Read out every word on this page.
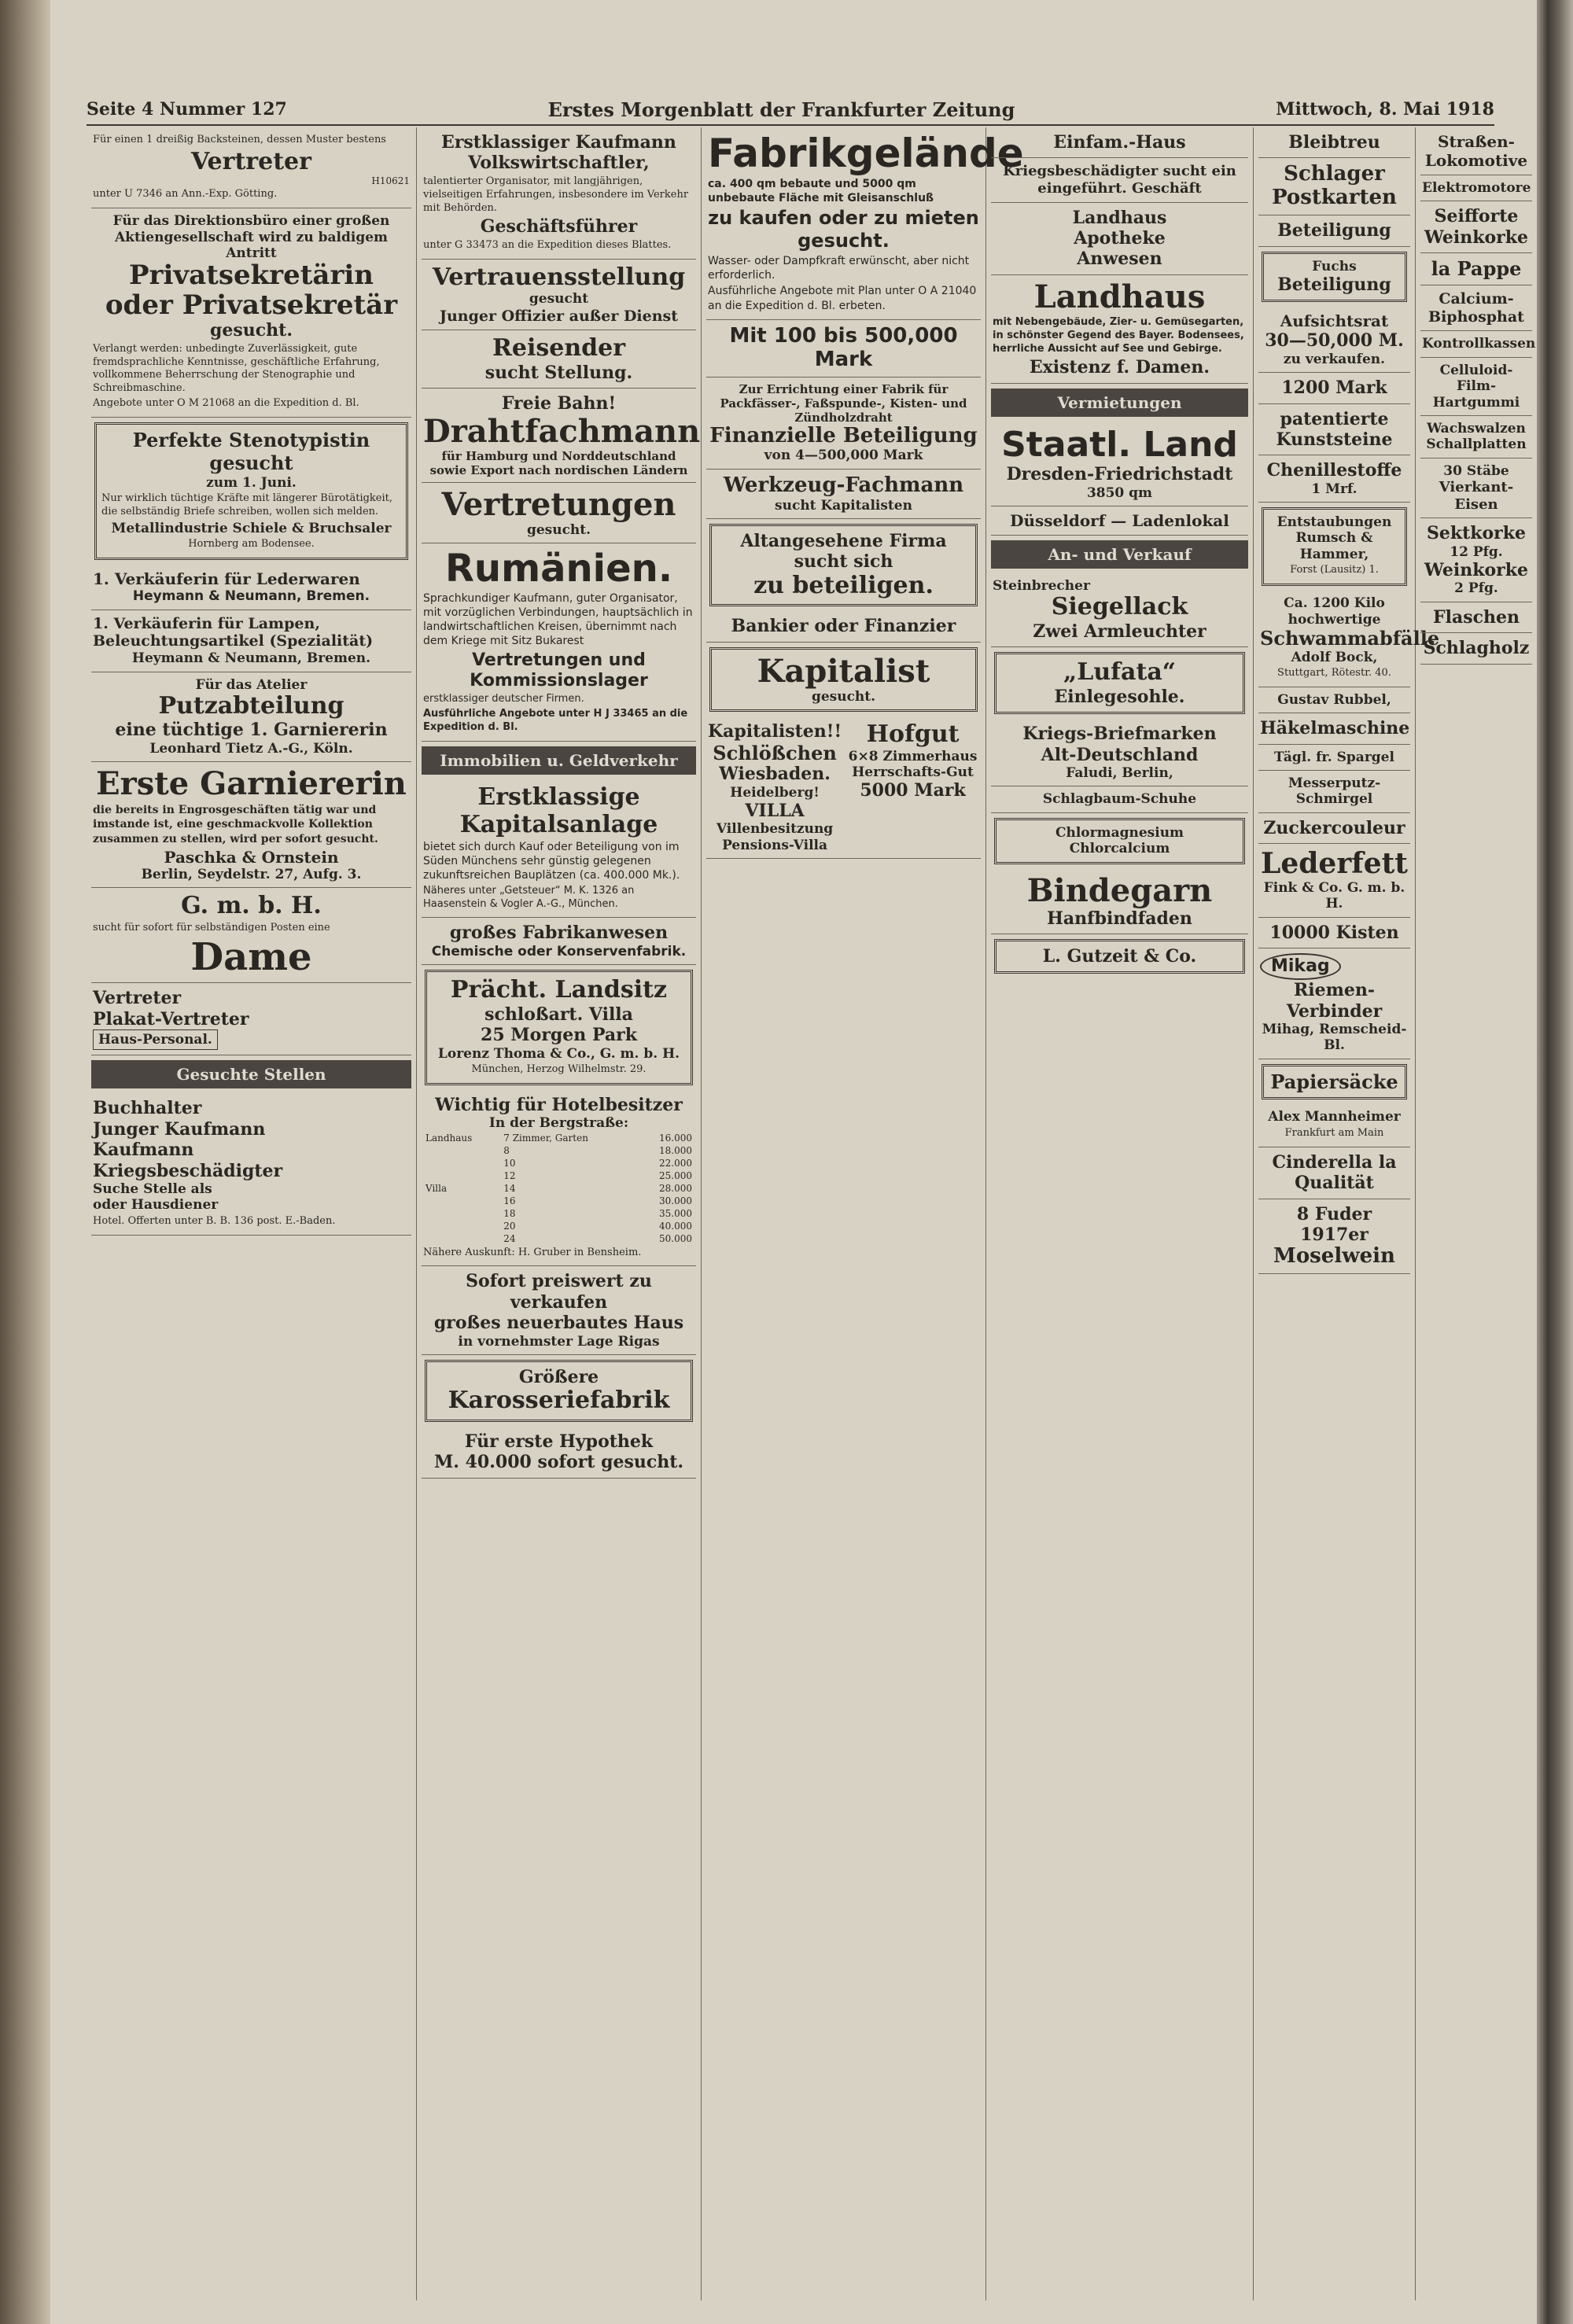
Seite 4 Nummer 127	Erstes Morgenblatt der Frankfurter Zeitung	Mittwoch, 8. Mai 1918
Für einen 1 dreißig Backsteinen, dessen Muster bestens
Vertreter
H10621
unter U 7346 an Ann.-Exp. Götting.
Für das Direktionsbüro einer großen Aktiengesellschaft wird zu baldigem Antritt
Privatsekretärin oder Privatsekretär
gesucht.
Verlangt werden: unbedingte Zuverlässigkeit, gute fremdsprachliche Kenntnisse, geschäftliche Erfahrung, vollkommene Beherrschung der Stenographie und Schreibmaschine.
Angebote unter O M 21068 an die Expedition d. Bl.
Perfekte Stenotypistin gesucht
zum 1. Juni.
Nur wirklich tüchtige Kräfte mit längerer Bürotätigkeit, die selbständig Briefe schreiben, wollen sich melden.
Metallindustrie Schiele & Bruchsaler
Hornberg am Bodensee.
1. Verkäuferin für Lederwaren
Heymann & Neumann, Bremen.
1. Verkäuferin für Lampen, Beleuchtungsartikel (Spezialität)
Heymann & Neumann, Bremen.
Für das Atelier
Putzabteilung
eine tüchtige 1. Garniererin
Leonhard Tietz A.-G., Köln.
Erste Garniererin
die bereits in Engrosgeschäften tätig war und imstande ist, eine geschmackvolle Kollektion zusammen zu stellen, wird per sofort gesucht.
Paschka & Ornstein
Berlin, Seydelstr. 27, Aufg. 3.
G. m. b. H.
sucht für sofort für selbständigen Posten eine
Dame
Vertreter
Plakat-Vertreter
Haus-Personal.
Gesuchte Stellen
Buchhalter
Junger Kaufmann
Kaufmann
Kriegsbeschädigter
Suche Stelle als
oder Hausdiener
Hotel. Offerten unter B. B. 136 post. E.-Baden.
Erstklassiger Kaufmann
Volkswirtschaftler,
talentierter Organisator, mit langjährigen, vielseitigen Erfahrungen, insbesondere im Verkehr mit Behörden.
Geschäftsführer
unter G 33473 an die Expedition dieses Blattes.
Vertrauensstellung
gesucht
Junger Offizier außer Dienst
Reisender
sucht Stellung.
Freie Bahn!
Drahtfachmann
für Hamburg und Norddeutschland sowie Export nach nordischen Ländern
Vertretungen
gesucht.
Rumänien.
Sprachkundiger Kaufmann, guter Organisator, mit vorzüglichen Verbindungen, hauptsächlich in landwirtschaftlichen Kreisen, übernimmt nach dem Kriege mit Sitz Bukarest
Vertretungen und Kommissionslager
erstklassiger deutscher Firmen.
Ausführliche Angebote unter H J 33465 an die Expedition d. Bl.
Immobilien u. Geldverkehr
Erstklassige
Kapitalsanlage
bietet sich durch Kauf oder Beteiligung von im Süden Münchens sehr günstig gelegenen zukunftsreichen Bauplätzen (ca. 400.000 Mk.).
Näheres unter „Getsteuer“ M. K. 1326 an Haasenstein & Vogler A.-G., München.
großes Fabrikanwesen
Chemische oder Konservenfabrik.
Prächt. Landsitz
schloßart. Villa
25 Morgen Park
Lorenz Thoma & Co., G. m. b. H.
München, Herzog Wilhelmstr. 29.
Wichtig für Hotelbesitzer
In der Bergstraße:
Landhaus	7 Zimmer, Garten	16.000
	8	18.000
	10	22.000
	12	25.000
Villa	14	28.000
	16	30.000
	18	35.000
	20	40.000
	24	50.000
Nähere Auskunft: H. Gruber in Bensheim.
Sofort preiswert zu verkaufen
großes neuerbautes Haus
in vornehmster Lage Rigas
Größere
Karosseriefabrik
Für erste Hypothek
M. 40.000 sofort gesucht.
Fabrikgelände
ca. 400 qm bebaute und 5000 qm unbebaute Fläche mit Gleisanschluß
zu kaufen oder zu mieten gesucht.
Wasser- oder Dampfkraft erwünscht, aber nicht erforderlich.
Ausführliche Angebote mit Plan unter O A 21040 an die Expedition d. Bl. erbeten.
Mit 100 bis 500,000 Mark
Zur Errichtung einer Fabrik für Packfässer-, Faßspunde-, Kisten- und Zündholzdraht
Finanzielle Beteiligung
von 4—500,000 Mark
Werkzeug-Fachmann
sucht Kapitalisten
Altangesehene Firma
sucht sich
zu beteiligen.
Bankier oder Finanzier
Kapitalist
gesucht.
Kapitalisten!!
Schlößchen
Wiesbaden.
Heidelberg!
VILLA
Villenbesitzung
Pensions-Villa
Hofgut
6×8 Zimmerhaus
Herrschafts-Gut
5000 Mark
Einfam.-Haus
Kriegsbeschädigter sucht ein eingeführt. Geschäft
Landhaus
Apotheke
Anwesen
Landhaus
mit Nebengebäude, Zier- u. Gemüsegarten, in schönster Gegend des Bayer. Bodensees, herrliche Aussicht auf See und Gebirge.
Existenz f. Damen.
Vermietungen
Staatl. Land
Dresden-Friedrichstadt
3850 qm
Düsseldorf — Ladenlokal
An- und Verkauf
Steinbrecher
Siegellack
Zwei Armleuchter
„Lufata“
Einlegesohle.
Kriegs-Briefmarken
Alt-Deutschland
Faludi, Berlin,
Schlagbaum-Schuhe
Chlormagnesium
Chlorcalcium
Bindegarn
Hanfbindfaden
L. Gutzeit & Co.
Bleibtreu
Schlager
Postkarten
Beteiligung
Fuchs
Beteiligung
Aufsichtsrat
30—50,000 M.
zu verkaufen.
1200 Mark
patentierte Kunststeine
Chenillestoffe
1 Mrf.
Entstaubungen
Rumsch & Hammer,
Forst (Lausitz) 1.
Ca. 1200 Kilo hochwertige
Schwammabfälle
Adolf Bock,
Stuttgart, Rötestr. 40.
Gustav Rubbel,
Häkelmaschine
Tägl. fr. Spargel
Messerputz-Schmirgel
Zuckercouleur
Lederfett
Fink & Co. G. m. b. H.
10000 Kisten
Mikag
Riemen-Verbinder
Mihag, Remscheid-Bl.
Papiersäcke
Alex Mannheimer
Frankfurt am Main
Cinderella la Qualität
8 Fuder 1917er
Moselwein
Straßen-Lokomotive
Elektromotore
Seifforte
Weinkorke
la Pappe
Calcium-Biphosphat
Kontrollkassen
Celluloid-Film-
Hartgummi
Wachswalzen
Schallplatten
30 Stäbe
Vierkant-Eisen
Sektkorke
12 Pfg.
Weinkorke
2 Pfg.
Flaschen
Schlagholz
